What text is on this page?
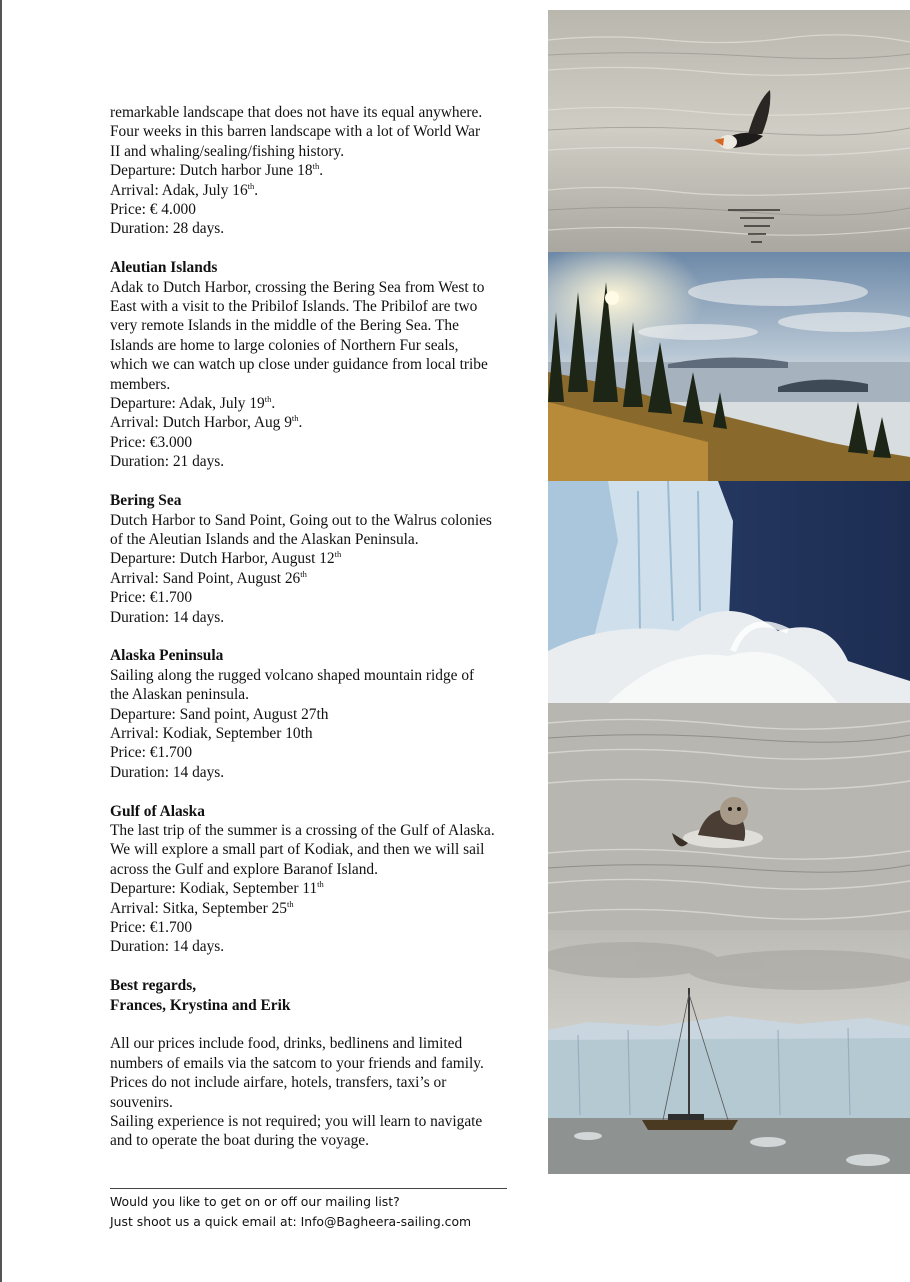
remarkable landscape that does not have its equal anywhere.

Four weeks in this barren landscape with a lot of World War

II and whaling/sealing/fishing history.

Departure: Dutch harbor June 18th.

Arrival: Adak, July 16th.

Price: € 4.000

Duration: 28 days.

Aleutian Islands

Adak to Dutch Harbor, crossing the Bering Sea from West to

East with a visit to the Pribilof Islands. The Pribilof are two

very remote Islands in the middle of the Bering Sea. The

Islands are home to large colonies of Northern Fur seals,

which we can watch up close under guidance from local tribe

members.

Departure: Adak, July 19th.

Arrival: Dutch Harbor, Aug 9th.

Price: €3.000

Duration: 21 days.

Bering Sea

Dutch Harbor to Sand Point, Going out to the Walrus colonies

of the Aleutian Islands and the Alaskan Peninsula.

Departure: Dutch Harbor, August 12th

Arrival: Sand Point, August 26th

Price: €1.700

Duration: 14 days.

Alaska Peninsula

Sailing along the rugged volcano shaped mountain ridge of

the Alaskan peninsula.

Departure: Sand point, August 27th

Arrival: Kodiak, September 10th

Price: €1.700

Duration: 14 days.

Gulf of Alaska

The last trip of the summer is a crossing of the Gulf of Alaska.

We will explore a small part of Kodiak, and then we will sail

across the Gulf and explore Baranof Island.

Departure: Kodiak, September 11th

Arrival: Sitka, September 25th

Price: €1.700

Duration: 14 days.

Best regards,

Frances, Krystina and Erik

All our prices include food, drinks, bedlinens and limited

numbers of emails via the satcom to your friends and family.

Prices do not include airfare, hotels, transfers, taxi’s or

souvenirs.

Sailing experience is not required; you will learn to navigate

and to operate the boat during the voyage.

Would you like to get on or off our mailing list?
Just shoot us a quick email at: Info@Bagheera-sailing.com
